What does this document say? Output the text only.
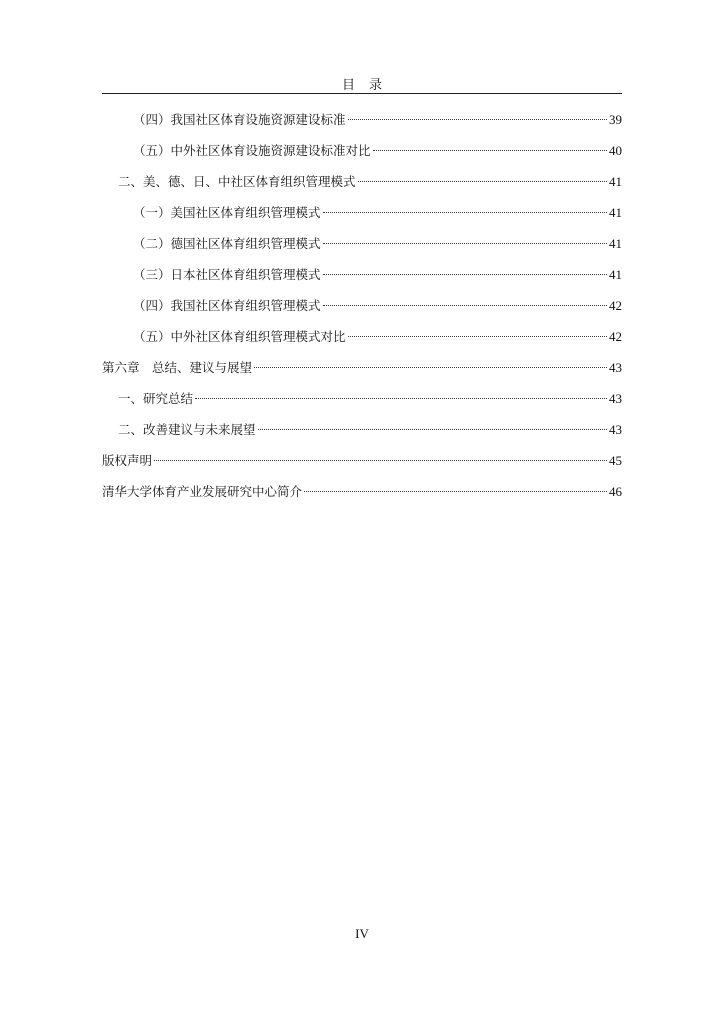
目录
（四）我国社区体育设施资源建设标准	39
（五）中外社区体育设施资源建设标准对比	40
二、美、德、日、中社区体育组织管理模式	41
（一）美国社区体育组织管理模式	41
（二）德国社区体育组织管理模式	41
（三）日本社区体育组织管理模式	41
（四）我国社区体育组织管理模式	42
（五）中外社区体育组织管理模式对比	42
第六章　总结、建议与展望	43
一、研究总结	43
二、改善建议与未来展望	43
版权声明	45
清华大学体育产业发展研究中心简介	46
IV
